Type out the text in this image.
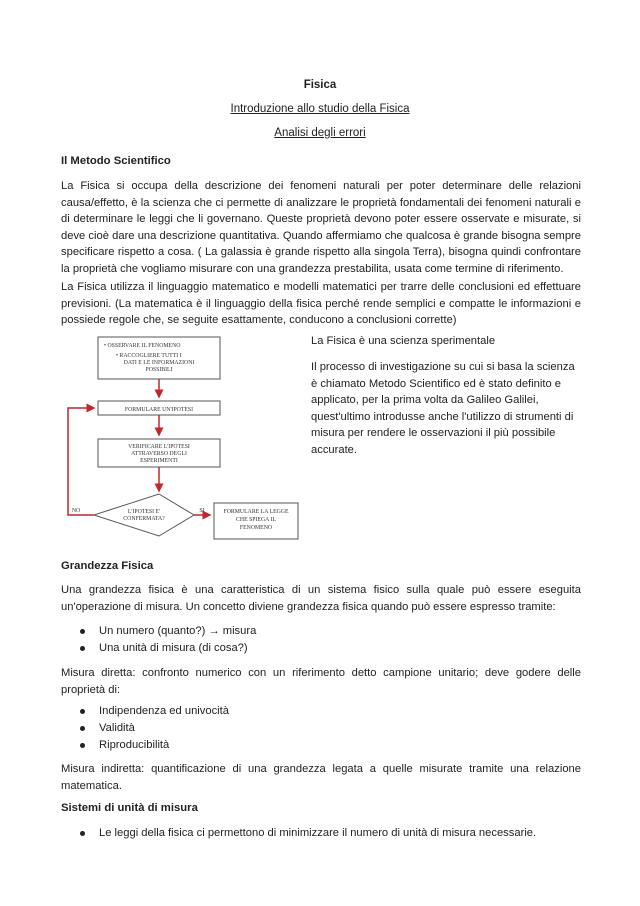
Fisica
Introduzione allo studio della Fisica
Analisi degli errori
Il Metodo Scientifico
La Fisica si occupa della descrizione dei fenomeni naturali per poter determinare delle relazioni causa/effetto, è la scienza che ci permette di analizzare le proprietà fondamentali dei fenomeni naturali e di determinare le leggi che li governano. Queste proprietà devono poter essere osservate e misurate, si deve cioè dare una descrizione quantitativa. Quando affermiamo che qualcosa è grande bisogna sempre specificare rispetto a cosa. ( La galassia è grande rispetto alla singola Terra), bisogna quindi confrontare la proprietà che vogliamo misurare con una grandezza prestabilita, usata come termine di riferimento.
La Fisica utilizza il linguaggio matematico e modelli matematici per trarre delle conclusioni ed effettuare previsioni. (La matematica è il linguaggio della fisica perché rende semplici e compatte le informazioni e possiede regole che, se seguite esattamente, conducono a conclusioni corrette)
• OSSERVARE IL FENOMENO
• RACCOGLIERE TUTTI I
DATI E LE INFORMAZIONI
POSSIBILI
FORMULARE UN'IPOTESI
VERIFICARE L'IPOTESI
ATTRAVERSO DEGLI
ESPERIMENTI
L'IPOTESI E'
CONFERMATA?
NO	SI	FORMULARE LA LEGGE
CHE SPIEGA IL
FENOMENO
La Fisica è una scienza sperimentale
Il processo di investigazione su cui si basa la scienza è chiamato Metodo Scientifico ed è stato definito e applicato, per la prima volta da Galileo Galilei, quest'ultimo introdusse anche l'utilizzo di strumenti di misura per rendere le osservazioni il più possibile accurate.
Grandezza Fisica
Una grandezza fisica è una caratteristica di un sistema fisico sulla quale può essere eseguita un'operazione di misura. Un concetto diviene grandezza fisica quando può essere espresso tramite:
Un numero (quanto?) → misura
Una unità di misura (di cosa?)
Misura diretta: confronto numerico con un riferimento detto campione unitario; deve godere delle proprietà di:
Indipendenza ed univocità
Validità
Riproducibilità
Misura indiretta: quantificazione di una grandezza legata a quelle misurate tramite una relazione matematica.
Sistemi di unità di misura
Le leggi della fisica ci permettono di minimizzare il numero di unità di misura necessarie.
